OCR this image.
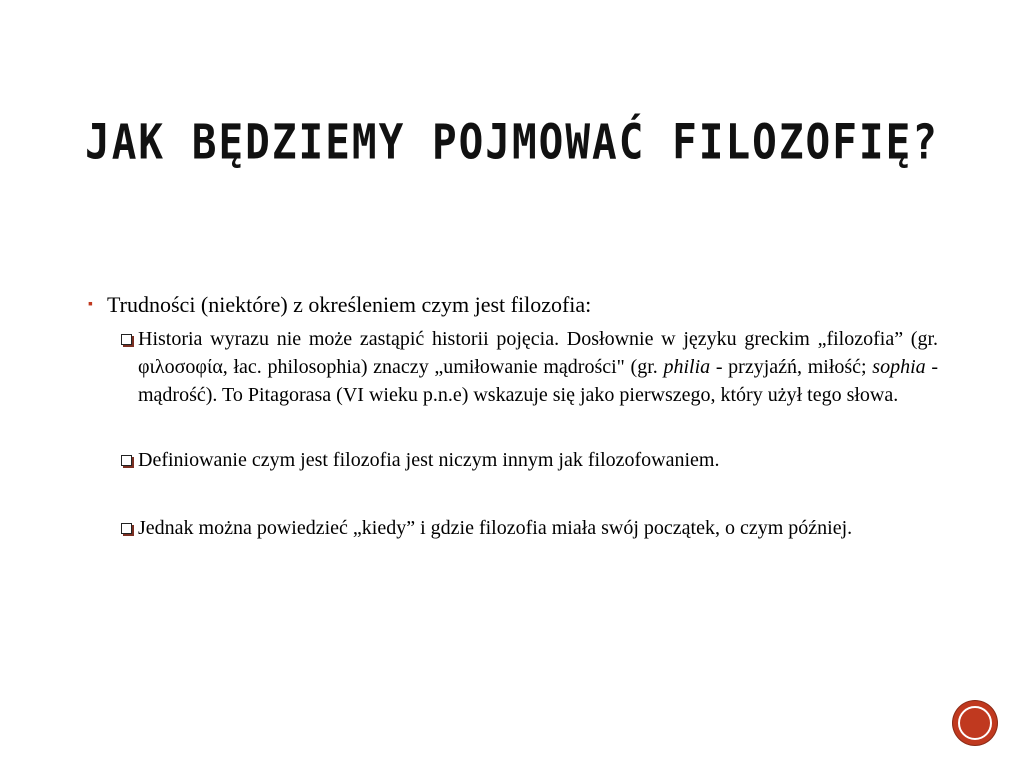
JAK BĘDZIEMY POJMOWAĆ FILOZOFIĘ?
▪ Trudności (niektóre) z określeniem czym jest filozofia:
Historia wyrazu nie może zastąpić historii pojęcia. Dosłownie w języku greckim „filozofia” (gr. φιλοσοφία, łac. philosophia) znaczy „umiłowanie mądrości" (gr. philia - przyjaźń, miłość; sophia - mądrość). To Pitagorasa (VI wieku p.n.e) wskazuje się jako pierwszego, który użył tego słowa.
Definiowanie czym jest filozofia jest niczym innym jak filozofowaniem.
Jednak można powiedzieć „kiedy” i gdzie filozofia miała swój początek, o czym później.
